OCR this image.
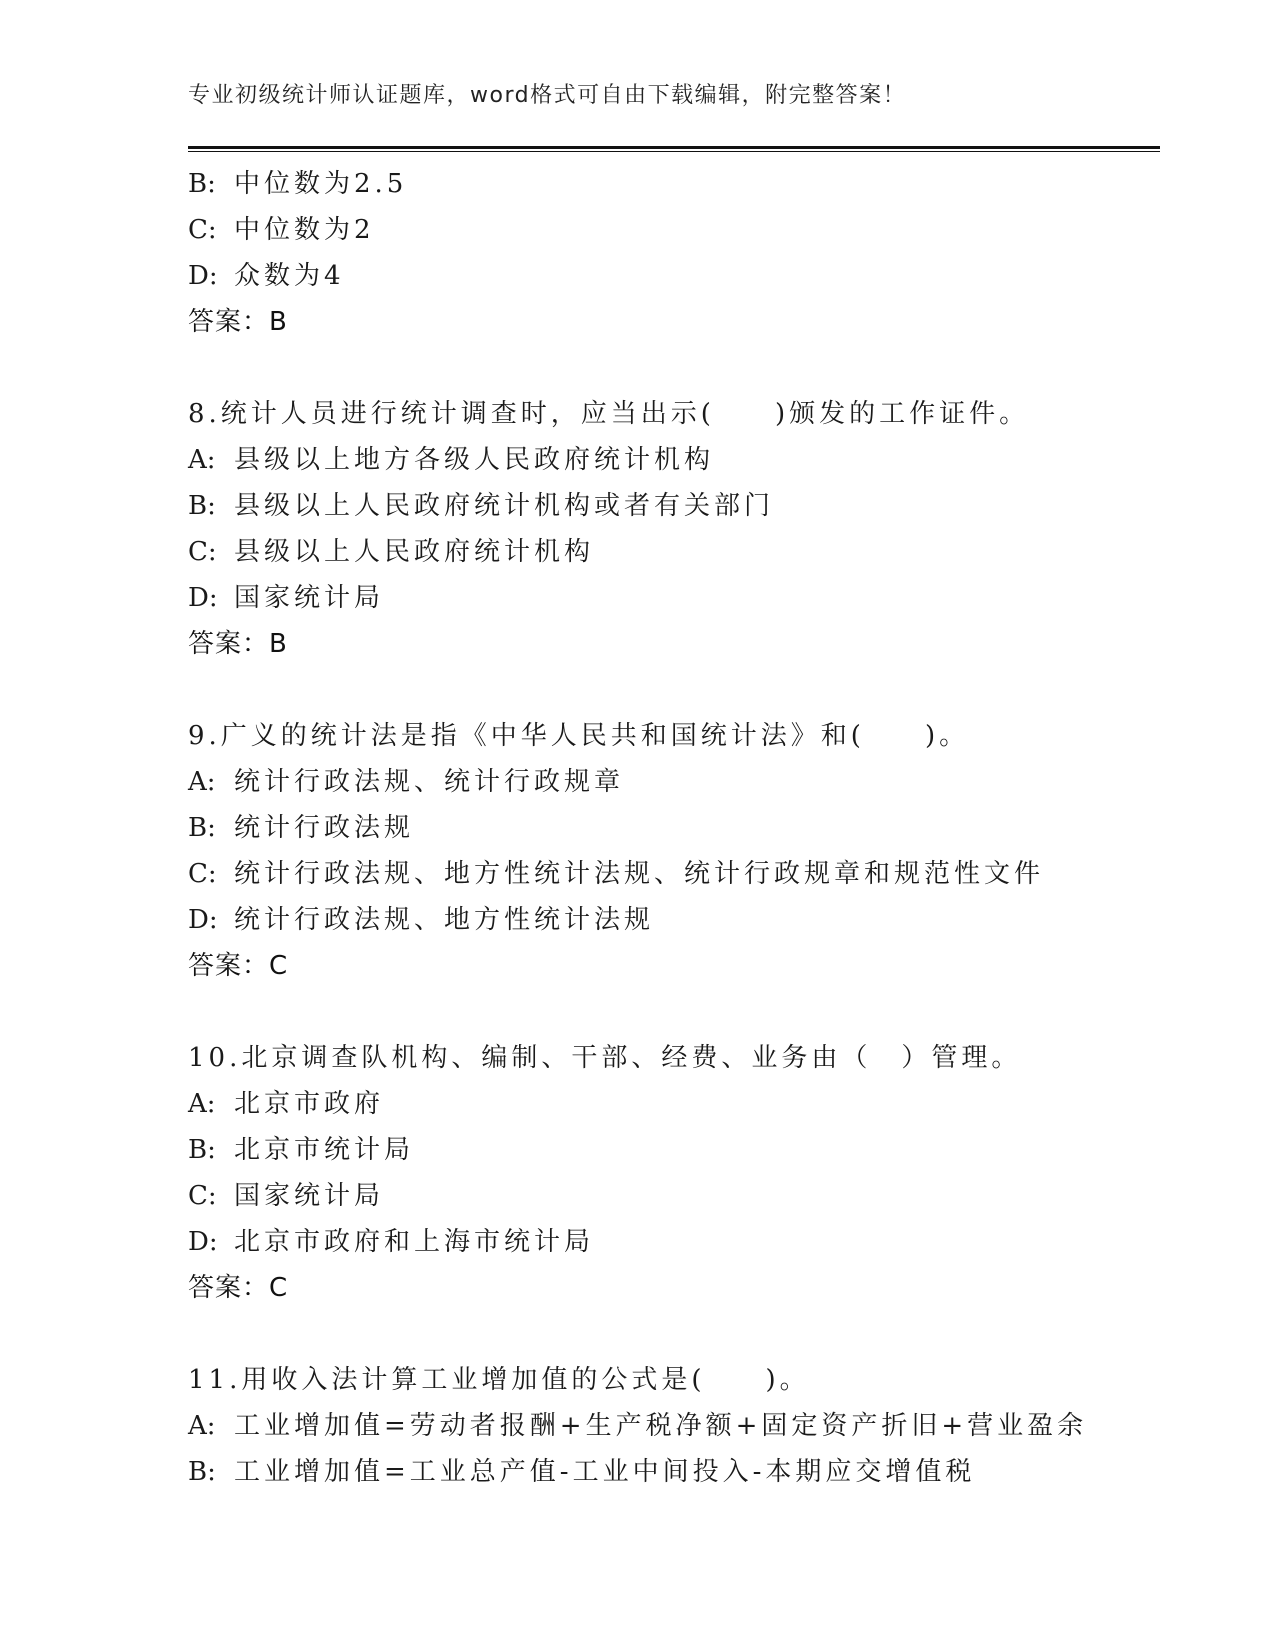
专业初级统计师认证题库，word格式可自由下载编辑，附完整答案！
B: 中位数为2.5
C: 中位数为2
D: 众数为4
答案：B
8.统计人员进行统计调查时，应当出示(　　)颁发的工作证件。
A: 县级以上地方各级人民政府统计机构
B: 县级以上人民政府统计机构或者有关部门
C: 县级以上人民政府统计机构
D: 国家统计局
答案：B
9.广义的统计法是指《中华人民共和国统计法》和(　　)。
A: 统计行政法规、统计行政规章
B: 统计行政法规
C: 统计行政法规、地方性统计法规、统计行政规章和规范性文件
D: 统计行政法规、地方性统计法规
答案：C
10.北京调查队机构、编制、干部、经费、业务由（　）管理。
A: 北京市政府
B: 北京市统计局
C: 国家统计局
D: 北京市政府和上海市统计局
答案：C
11.用收入法计算工业增加值的公式是(　　)。
A: 工业增加值=劳动者报酬+生产税净额+固定资产折旧+营业盈余
B: 工业增加值=工业总产值-工业中间投入-本期应交增值税
